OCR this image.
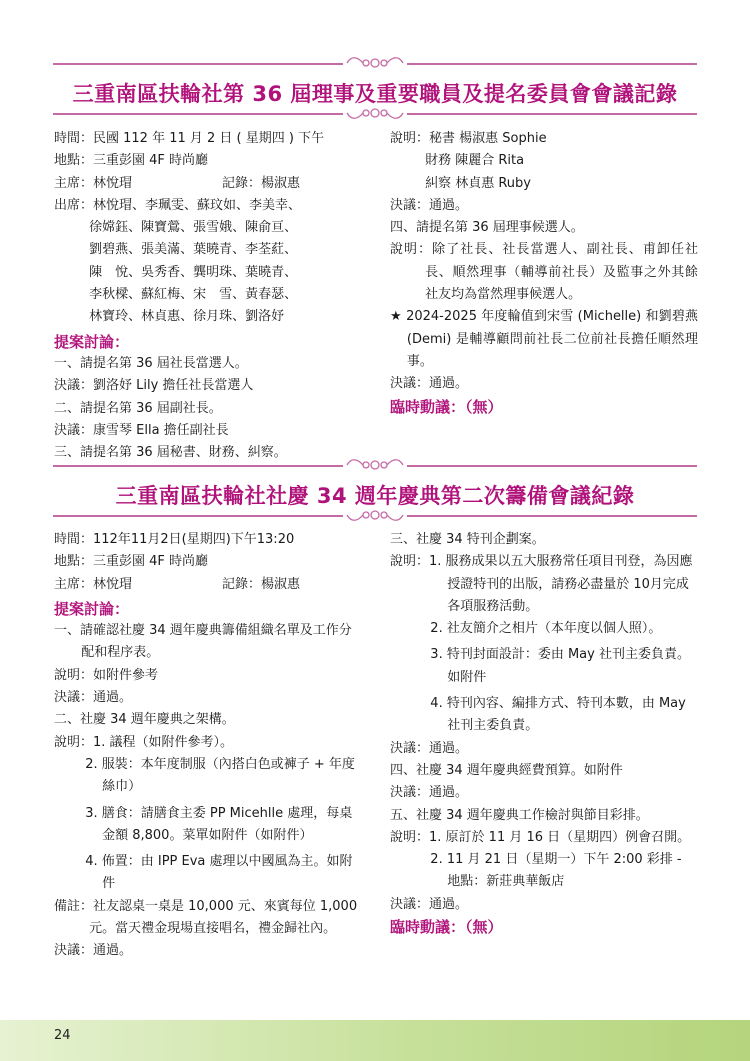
三重南區扶輪社第 36 屆理事及重要職員及提名委員會會議記錄
時間：民國 112 年 11 月 2 日 ( 星期四 ) 下午
地點：三重彭園 4F 時尚廳
主席：林悅瑁	記錄：楊淑惠
出席：林悅瑁、李珮雯、蘇玟如、李美幸、
徐嫦鈺、陳寶鶯、張雪娥、陳俞亘、
劉碧燕、張美滿、葉曉青、李荃葒、
陳　悅、吳秀香、龔明珠、葉曉青、
李秋樑、蘇紅梅、宋　雪、黃春瑟、
林寶玲、林貞惠、徐月珠、劉洛妤
提案討論：
一、請提名第 36 屆社長當選人。
決議：劉洛妤 Lily 擔任社長當選人
二、請提名第 36 屆副社長。
決議：康雪琴 Ella 擔任副社長
三、請提名第 36 屆秘書、財務、糾察。
說明：秘書 楊淑惠 Sophie
財務 陳麗合 Rita
糾察 林貞惠 Ruby
決議：通過。
四、請提名第 36 屆理事候選人。
說明：除了社長、社長當選人、副社長、甫卸任社長、順然理事（輔導前社長）及監事之外其餘社友均為當然理事候選人。
★ 2024-2025 年度輪值到宋雪 (Michelle) 和劉碧燕 (Demi) 是輔導顧問前社長二位前社長擔任順然理事。
決議：通過。
臨時動議：（無）
三重南區扶輪社社慶 34 週年慶典第二次籌備會議紀錄
時間：112年11月2日(星期四)下午13:20
地點：三重彭園 4F 時尚廳
主席：林悅瑁	記錄：楊淑惠
提案討論：
一、請確認社慶 34 週年慶典籌備組織名單及工作分配和程序表。
說明：如附件參考
決議：通過。
二、社慶 34 週年慶典之架構。
說明：1. 議程（如附件參考）。
2. 服裝：本年度制服（內搭白色或褲子 + 年度絲巾）
3. 膳食：請膳食主委 PP Micehlle 處理，每桌金額 8,800。菜單如附件（如附件）
4. 佈置：由 IPP Eva 處理以中國風為主。如附件
備註：社友認桌一桌是 10,000 元、來賓每位 1,000 元。當天禮金現場直接唱名，禮金歸社內。
決議：通過。
三、社慶 34 特刊企劃案。
說明：1. 服務成果以五大服務常任項目刊登，為因應授證特刊的出版，請務必盡量於 10月完成各項服務活動。
2. 社友簡介之相片（本年度以個人照）。
3. 特刊封面設計：委由 May 社刊主委負責。如附件
4. 特刊內容、編排方式、特刊本數，由 May 社刊主委負責。
決議：通過。
四、社慶 34 週年慶典經費預算。如附件
決議：通過。
五、社慶 34 週年慶典工作檢討與節目彩排。
說明：1. 原訂於 11 月 16 日（星期四）例會召開。
2. 11 月 21 日（星期一）下午 2:00 彩排 - 地點：新莊典華飯店
決議：通過。
臨時動議：（無）
24
